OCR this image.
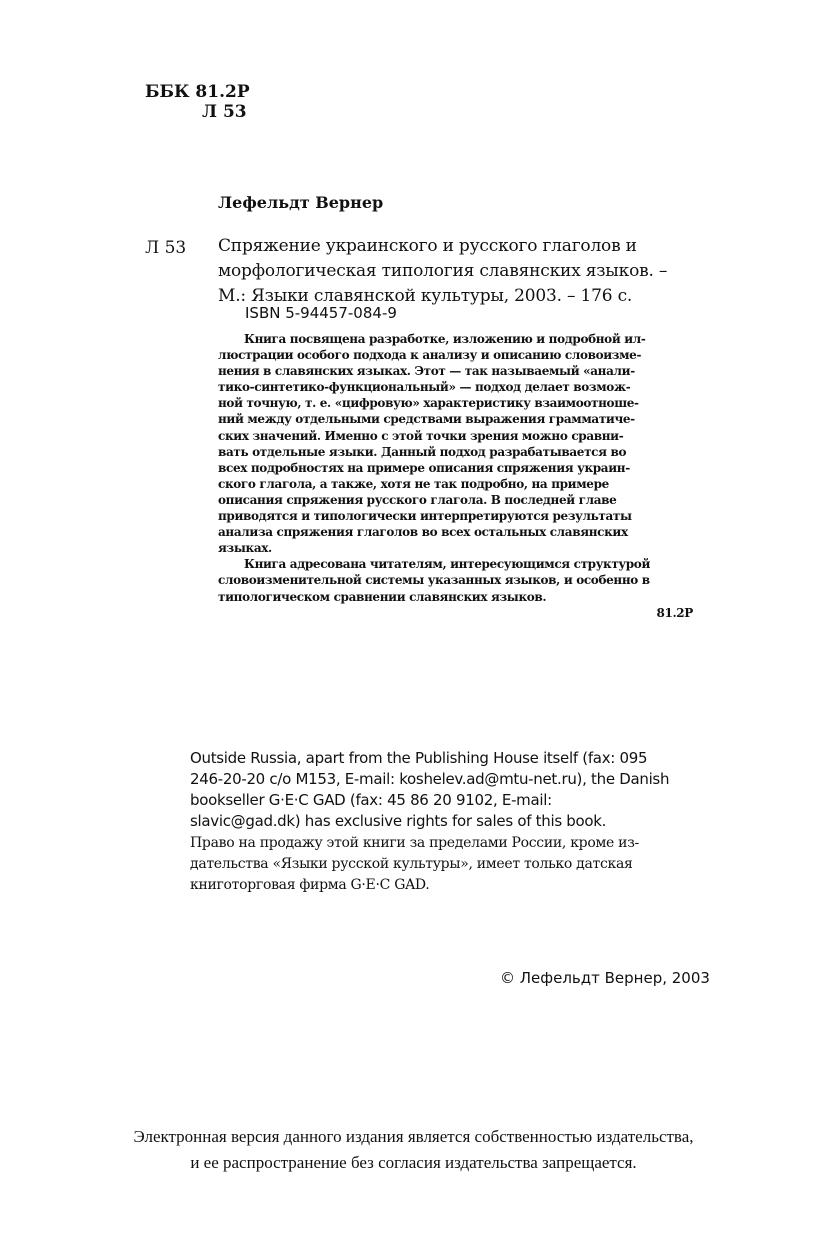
ББК 81.2Р
Л 53
Лефельдт Вернер
Л 53 Спряжение украинского и русского глаголов и
морфологическая типология славянских языков. –
М.: Языки славянской культуры, 2003. – 176 с.
ISBN 5-94457-084-9
Книга посвящена разработке, изложению и подробной ил-
люстрации особого подхода к анализу и описанию словоизме-
нения в славянских языках. Этот — так называемый «анали-
тико-синтетико-функциональный» — подход делает возмож-
ной точную, т. е. «цифровую» характеристику взаимоотноше-
ний между отдельными средствами выражения грамматиче-
ских значений. Именно с этой точки зрения можно сравни-
вать отдельные языки. Данный подход разрабатывается во
всех подробностях на примере описания спряжения украин-
ского глагола, а также, хотя не так подробно, на примере
описания спряжения русского глагола. В последней главе
приводятся и типологически интерпретируются результаты
анализа спряжения глаголов во всех остальных славянских
языках.
Книга адресована читателям, интересующимся структурой
словоизменительной системы указанных языков, и особенно в
типологическом сравнении славянских языков.
81.2Р
Outside Russia, apart from the Publishing House itself (fax: 095
246-20-20 c/o M153, E-mail: koshelev.ad@mtu-net.ru), the Danish
bookseller G·E·C GAD (fax: 45 86 20 9102, E-mail:
slavic@gad.dk) has exclusive rights for sales of this book.
Право на продажу этой книги за пределами России, кроме из-
дательства «Языки русской культуры», имеет только датская
книготорговая фирма G·E·C GAD.
© Лефельдт Вернер, 2003
Электронная версия данного издания является собственностью издательства,
и ее распространение без согласия издательства запрещается.
